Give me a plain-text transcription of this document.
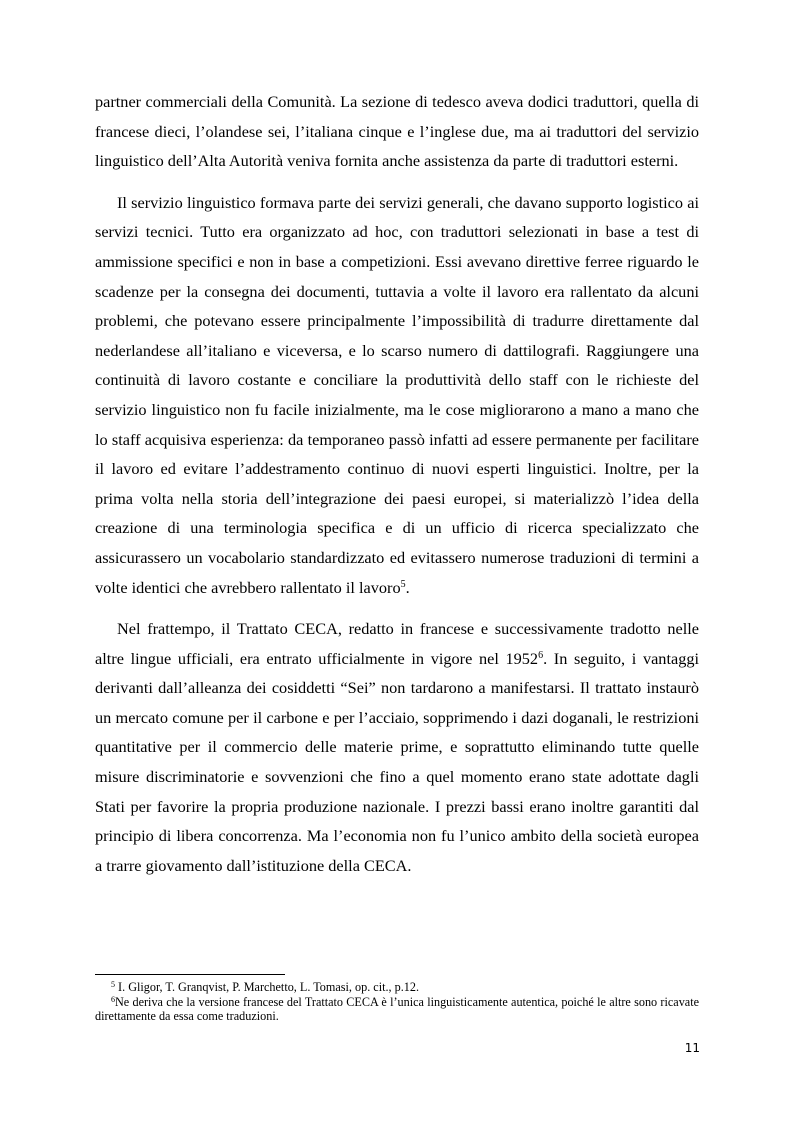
partner commerciali della Comunità. La sezione di tedesco aveva dodici traduttori, quella di francese dieci, l’olandese sei, l’italiana cinque e l’inglese due, ma ai traduttori del servizio linguistico dell’Alta Autorità veniva fornita anche assistenza da parte di traduttori esterni.

Il servizio linguistico formava parte dei servizi generali, che davano supporto logistico ai servizi tecnici. Tutto era organizzato ad hoc, con traduttori selezionati in base a test di ammissione specifici e non in base a competizioni. Essi avevano direttive ferree riguardo le scadenze per la consegna dei documenti, tuttavia a volte il lavoro era rallentato da alcuni problemi, che potevano essere principalmente l’impossibilità di tradurre direttamente dal nederlandese all’italiano e viceversa, e lo scarso numero di dattilografi. Raggiungere una continuità di lavoro costante e conciliare la produttività dello staff con le richieste del servizio linguistico non fu facile inizialmente, ma le cose migliorarono a mano a mano che lo staff acquisiva esperienza: da temporaneo passò infatti ad essere permanente per facilitare il lavoro ed evitare l’addestramento continuo di nuovi esperti linguistici. Inoltre, per la prima volta nella storia dell’integrazione dei paesi europei, si materializzò l’idea della creazione di una terminologia specifica e di un ufficio di ricerca specializzato che assicurassero un vocabolario standardizzato ed evitassero numerose traduzioni di termini a volte identici che avrebbero rallentato il lavoro$^5$.

Nel frattempo, il Trattato CECA, redatto in francese e successivamente tradotto nelle altre lingue ufficiali, era entrato ufficialmente in vigore nel 1952$^6$. In seguito, i vantaggi derivanti dall’alleanza dei cosiddetti “Sei” non tardarono a manifestarsi. Il trattato instaurò un mercato comune per il carbone e per l’acciaio, sopprimendo i dazi doganali, le restrizioni quantitative per il commercio delle materie prime, e soprattutto eliminando tutte quelle misure discriminatorie e sovvenzioni che fino a quel momento erano state adottate dagli Stati per favorire la propria produzione nazionale. I prezzi bassi erano inoltre garantiti dal principio di libera concorrenza. Ma l’economia non fu l’unico ambito della società europea a trarre giovamento dall’istituzione della CECA.

$^5$ I. Gligor, T. Granqvist, P. Marchetto, L. Tomasi, op. cit., p.12.

$^6$Ne deriva che la versione francese del Trattato CECA è l’unica linguisticamente autentica, poiché le altre sono ricavate direttamente da essa come traduzioni.

11
